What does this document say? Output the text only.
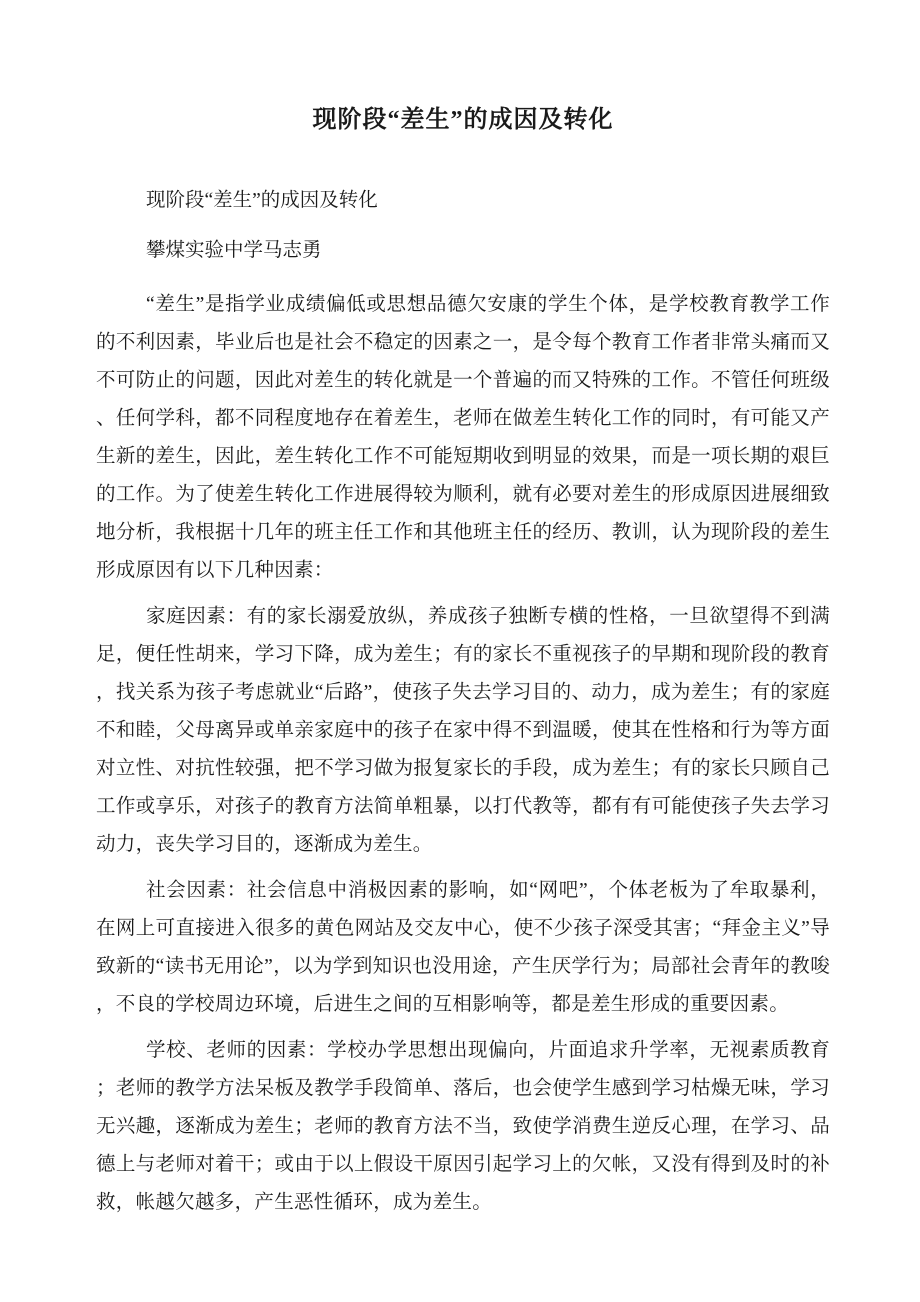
现阶段“差生”的成因及转化

现阶段“差生”的成因及转化

攀煤实验中学马志勇

“差生”是指学业成绩偏低或思想品德欠安康的学生个体，是学校教育教学工作的不利因素，毕业后也是社会不稳定的因素之一，是令每个教育工作者非常头痛而又不可防止的问题，因此对差生的转化就是一个普遍的而又特殊的工作。不管任何班级、任何学科，都不同程度地存在着差生，老师在做差生转化工作的同时，有可能又产生新的差生，因此，差生转化工作不可能短期收到明显的效果，而是一项长期的艰巨的工作。为了使差生转化工作进展得较为顺利，就有必要对差生的形成原因进展细致地分析，我根据十几年的班主任工作和其他班主任的经历、教训，认为现阶段的差生形成原因有以下几种因素：

家庭因素：有的家长溺爱放纵，养成孩子独断专横的性格，一旦欲望得不到满足，便任性胡来，学习下降，成为差生；有的家长不重视孩子的早期和现阶段的教育，找关系为孩子考虑就业“后路”，使孩子失去学习目的、动力，成为差生；有的家庭不和睦，父母离异或单亲家庭中的孩子在家中得不到温暖，使其在性格和行为等方面对立性、对抗性较强，把不学习做为报复家长的手段，成为差生；有的家长只顾自己工作或享乐，对孩子的教育方法简单粗暴，以打代教等，都有有可能使孩子失去学习动力，丧失学习目的，逐渐成为差生。

社会因素：社会信息中消极因素的影响，如“网吧”，个体老板为了牟取暴利，在网上可直接进入很多的黄色网站及交友中心，使不少孩子深受其害；“拜金主义”导致新的“读书无用论”，以为学到知识也没用途，产生厌学行为；局部社会青年的教唆，不良的学校周边环境，后进生之间的互相影响等，都是差生形成的重要因素。

学校、老师的因素：学校办学思想出现偏向，片面追求升学率，无视素质教育；老师的教学方法呆板及教学手段简单、落后，也会使学生感到学习枯燥无味，学习无兴趣，逐渐成为差生；老师的教育方法不当，致使学消费生逆反心理，在学习、品德上与老师对着干；或由于以上假设干原因引起学习上的欠帐，又没有得到及时的补救，帐越欠越多，产生恶性循环，成为差生。
